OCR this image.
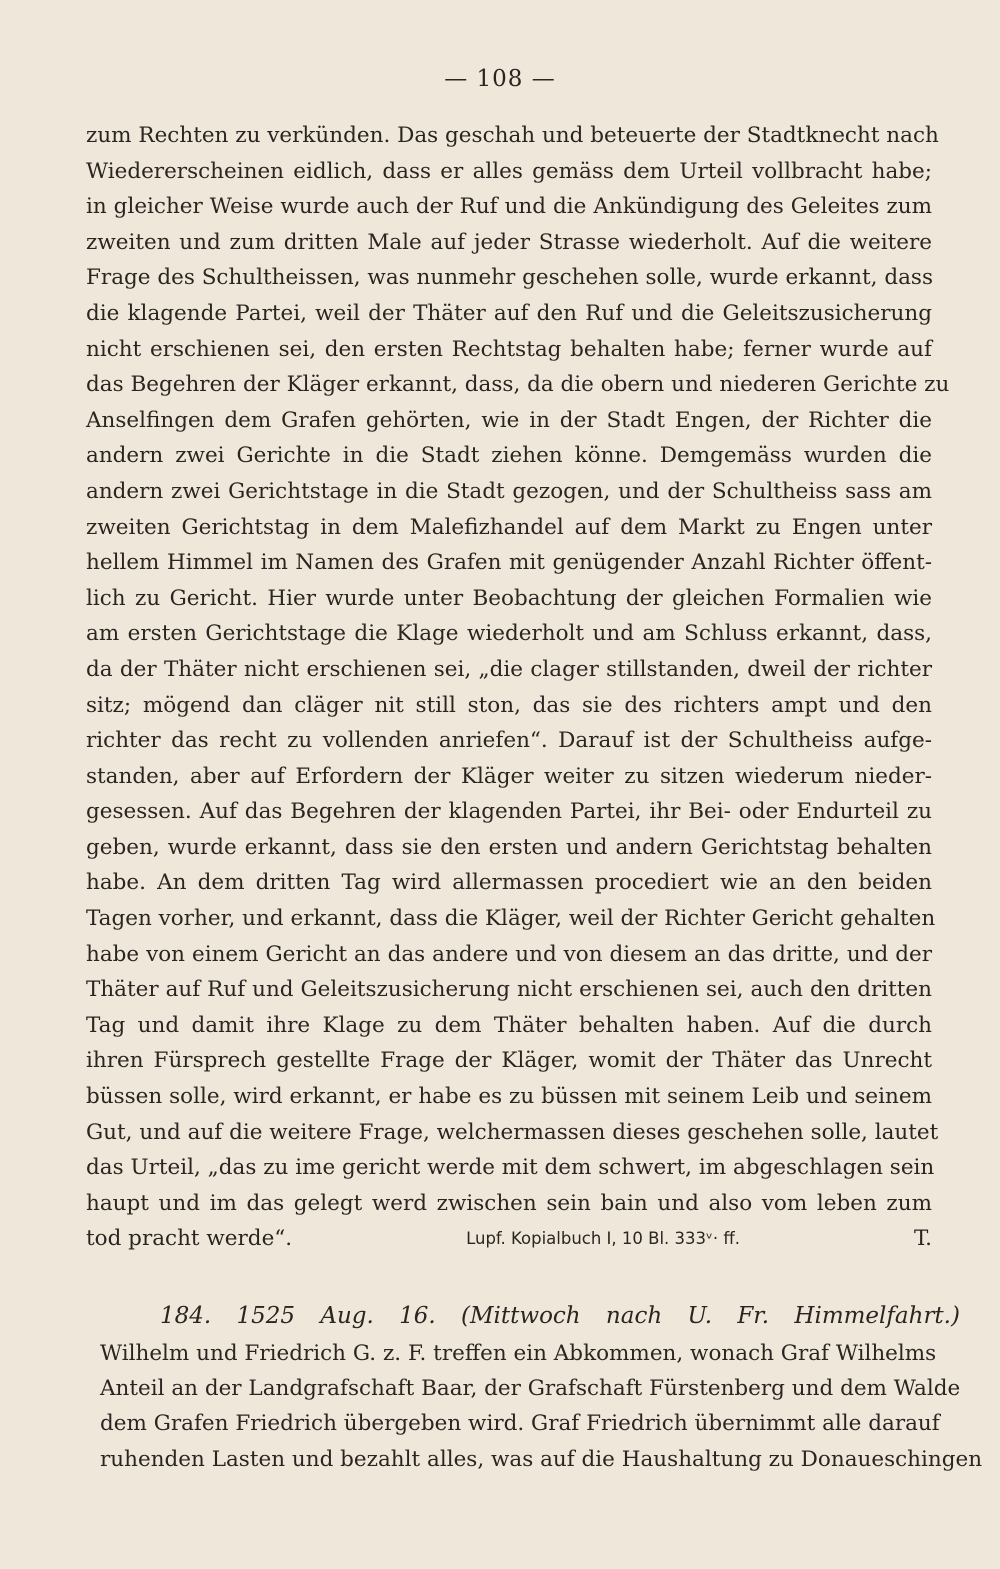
— 108 —
zum Rechten zu verkünden. Das geschah und beteuerte der Stadtknecht nach
Wiedererscheinen eidlich, dass er alles gemäss dem Urteil vollbracht habe;
in gleicher Weise wurde auch der Ruf und die Ankündigung des Geleites zum
zweiten und zum dritten Male auf jeder Strasse wiederholt. Auf die weitere
Frage des Schultheissen, was nunmehr geschehen solle, wurde erkannt, dass
die klagende Partei, weil der Thäter auf den Ruf und die Geleitszusicherung
nicht erschienen sei, den ersten Rechtstag behalten habe; ferner wurde auf
das Begehren der Kläger erkannt, dass, da die obern und niederen Gerichte zu
Anselfingen dem Grafen gehörten, wie in der Stadt Engen, der Richter die
andern zwei Gerichte in die Stadt ziehen könne. Demgemäss wurden die
andern zwei Gerichtstage in die Stadt gezogen, und der Schultheiss sass am
zweiten Gerichtstag in dem Malefizhandel auf dem Markt zu Engen unter
hellem Himmel im Namen des Grafen mit genügender Anzahl Richter öffent-
lich zu Gericht. Hier wurde unter Beobachtung der gleichen Formalien wie
am ersten Gerichtstage die Klage wiederholt und am Schluss erkannt, dass,
da der Thäter nicht erschienen sei, „die clager stillstanden, dweil der richter
sitz; mögend dan cläger nit still ston, das sie des richters ampt und den
richter das recht zu vollenden anriefen“. Darauf ist der Schultheiss aufge-
standen, aber auf Erfordern der Kläger weiter zu sitzen wiederum nieder-
gesessen. Auf das Begehren der klagenden Partei, ihr Bei- oder Endurteil zu
geben, wurde erkannt, dass sie den ersten und andern Gerichtstag behalten
habe. An dem dritten Tag wird allermassen procediert wie an den beiden
Tagen vorher, und erkannt, dass die Kläger, weil der Richter Gericht gehalten
habe von einem Gericht an das andere und von diesem an das dritte, und der
Thäter auf Ruf und Geleitszusicherung nicht erschienen sei, auch den dritten
Tag und damit ihre Klage zu dem Thäter behalten haben. Auf die durch
ihren Fürsprech gestellte Frage der Kläger, womit der Thäter das Unrecht
büssen solle, wird erkannt, er habe es zu büssen mit seinem Leib und seinem
Gut, und auf die weitere Frage, welchermassen dieses geschehen solle, lautet
das Urteil, „das zu ime gericht werde mit dem schwert, im abgeschlagen sein
haupt und im das gelegt werd zwischen sein bain und also vom leben zum
tod pracht werde“.	Lupf. Kopialbuch I, 10 Bl. 333ᵛ· ff.	T.
184. 1525 Aug. 16. (Mittwoch nach U. Fr. Himmelfahrt.)
Wilhelm und Friedrich G. z. F. treffen ein Abkommen, wonach Graf Wilhelms
Anteil an der Landgrafschaft Baar, der Grafschaft Fürstenberg und dem Walde
dem Grafen Friedrich übergeben wird. Graf Friedrich übernimmt alle darauf
ruhenden Lasten und bezahlt alles, was auf die Haushaltung zu Donaueschingen
